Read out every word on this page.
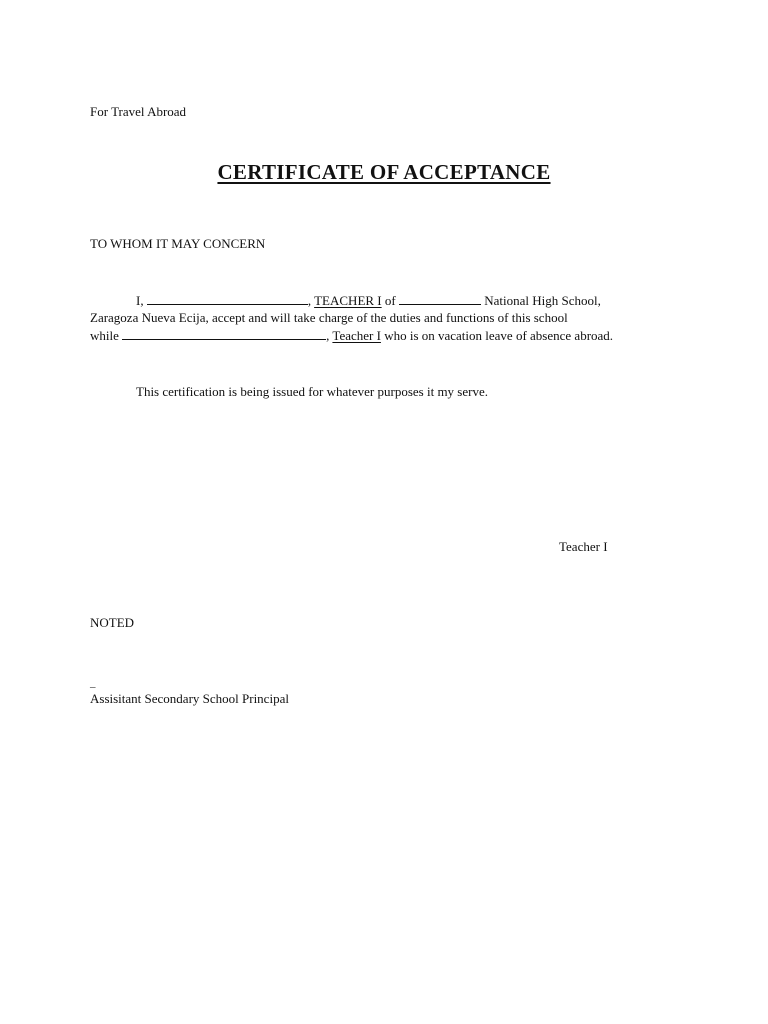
For Travel Abroad
CERTIFICATE OF ACCEPTANCE
TO WHOM IT MAY CONCERN
I,	, TEACHER I of	National High School,
Zaragoza Nueva Ecija, accept and will take charge of the duties and functions of this school
while	, Teacher I who is on vacation leave of absence abroad.
This certification is being issued for whatever purposes it my serve.
Teacher I
NOTED
_
Assisitant Secondary School Principal
